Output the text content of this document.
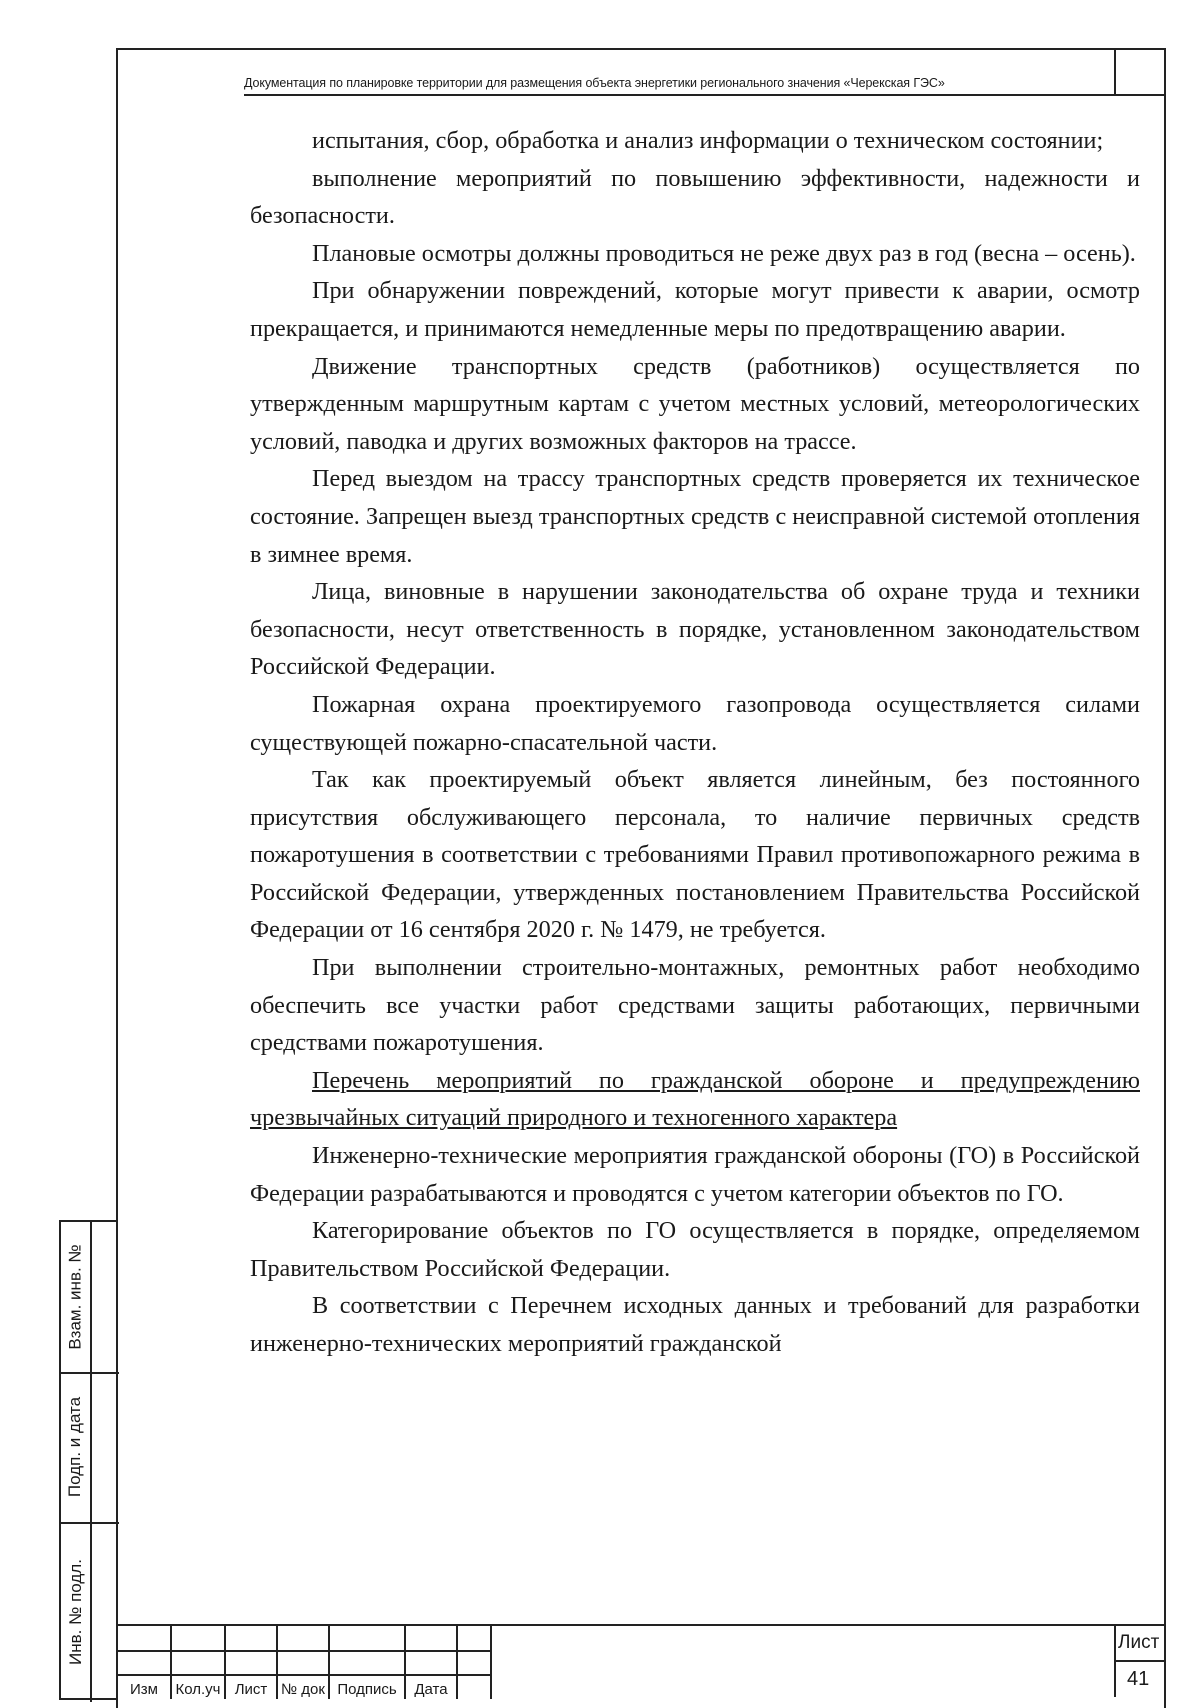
Документация по планировке территории для размещения объекта энергетики регионального значения «Черекская ГЭС»

испытания, сбор, обработка и анализ информации о техническом состоянии;

выполнение мероприятий по повышению эффективности, надежности и безопасности.

Плановые осмотры должны проводиться не реже двух раз в год (весна – осень).

При обнаружении повреждений, которые могут привести к аварии, осмотр прекращается, и принимаются немедленные меры по предотвращению аварии.

Движение транспортных средств (работников) осуществляется по утвержденным маршрутным картам с учетом местных условий, метеорологических условий, паводка и других возможных факторов на трассе.

Перед выездом на трассу транспортных средств проверяется их техническое состояние. Запрещен выезд транспортных средств с неисправной системой отопления в зимнее время.

Лица, виновные в нарушении законодательства об охране труда и техники безопасности, несут ответственность в порядке, установленном законодательством Российской Федерации.

Пожарная охрана проектируемого газопровода осуществляется силами существующей пожарно-спасательной части.

Так как проектируемый объект является линейным, без постоянного присутствия обслуживающего персонала, то наличие первичных средств пожаротушения в соответствии с требованиями Правил противопожарного режима в Российской Федерации, утвержденных постановлением Правительства Российской Федерации от 16 сентября 2020 г. № 1479, не требуется.

При выполнении строительно-монтажных, ремонтных работ необходимо обеспечить все участки работ средствами защиты работающих, первичными средствами пожаротушения.

Перечень мероприятий по гражданской обороне и предупреждению чрезвычайных ситуаций природного и техногенного характера

Инженерно-технические мероприятия гражданской обороны (ГО) в Российской Федерации разрабатываются и проводятся с учетом категории объектов по ГО.

Категорирование объектов по ГО осуществляется в порядке, определяемом Правительством Российской Федерации.

В соответствии с Перечнем исходных данных и требований для разработки инженерно-технических мероприятий гражданской

Взам. инв. №
Подп. и дата
Инв. № подл.
Изм	Кол.уч Лист № док Подпись	Дата
Лист
41
